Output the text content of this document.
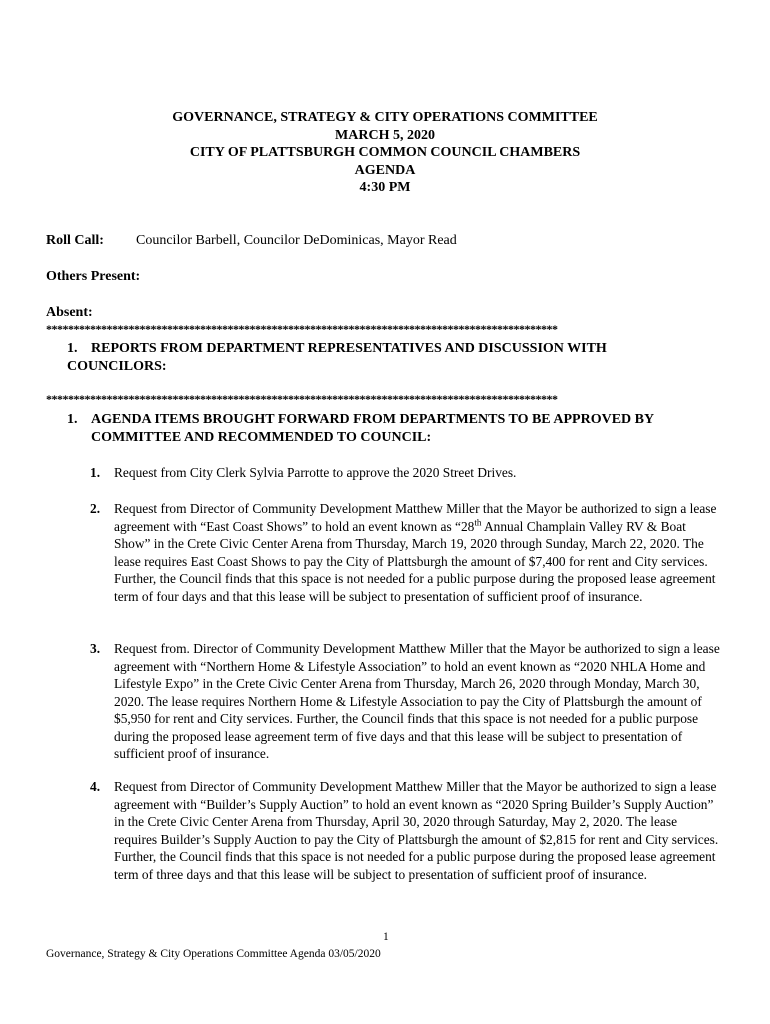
GOVERNANCE, STRATEGY & CITY OPERATIONS COMMITTEE
MARCH 5, 2020
CITY OF PLATTSBURGH COMMON COUNCIL CHAMBERS
AGENDA
4:30 PM
Roll Call: Councilor Barbell, Councilor DeDominicas, Mayor Read
Others Present:
Absent:
*********************************************************************************************
1. REPORTS FROM DEPARTMENT REPRESENTATIVES AND DISCUSSION WITH
COUNCILORS:
*********************************************************************************************
1. AGENDA ITEMS BROUGHT FORWARD FROM DEPARTMENTS TO BE APPROVED BY
COMMITTEE AND RECOMMENDED TO COUNCIL:
1. Request from City Clerk Sylvia Parrotte to approve the 2020 Street Drives.
2. Request from Director of Community Development Matthew Miller that the Mayor be authorized to sign a lease agreement with “East Coast Shows” to hold an event known as “28th Annual Champlain Valley RV & Boat Show” in the Crete Civic Center Arena from Thursday, March 19, 2020 through Sunday, March 22, 2020. The lease requires East Coast Shows to pay the City of Plattsburgh the amount of $7,400 for rent and City services. Further, the Council finds that this space is not needed for a public purpose during the proposed lease agreement term of four days and that this lease will be subject to presentation of sufficient proof of insurance.
3. Request from. Director of Community Development Matthew Miller that the Mayor be authorized to sign a lease agreement with “Northern Home & Lifestyle Association” to hold an event known as “2020 NHLA Home and Lifestyle Expo” in the Crete Civic Center Arena from Thursday, March 26, 2020 through Monday, March 30, 2020. The lease requires Northern Home & Lifestyle Association to pay the City of Plattsburgh the amount of $5,950 for rent and City services. Further, the Council finds that this space is not needed for a public purpose during the proposed lease agreement term of five days and that this lease will be subject to presentation of sufficient proof of insurance.
4. Request from Director of Community Development Matthew Miller that the Mayor be authorized to sign a lease agreement with “Builder’s Supply Auction” to hold an event known as “2020 Spring Builder’s Supply Auction” in the Crete Civic Center Arena from Thursday, April 30, 2020 through Saturday, May 2, 2020. The lease requires Builder’s Supply Auction to pay the City of Plattsburgh the amount of $2,815 for rent and City services. Further, the Council finds that this space is not needed for a public purpose during the proposed lease agreement term of three days and that this lease will be subject to presentation of sufficient proof of insurance.
1
Governance, Strategy & City Operations Committee Agenda 03/05/2020
